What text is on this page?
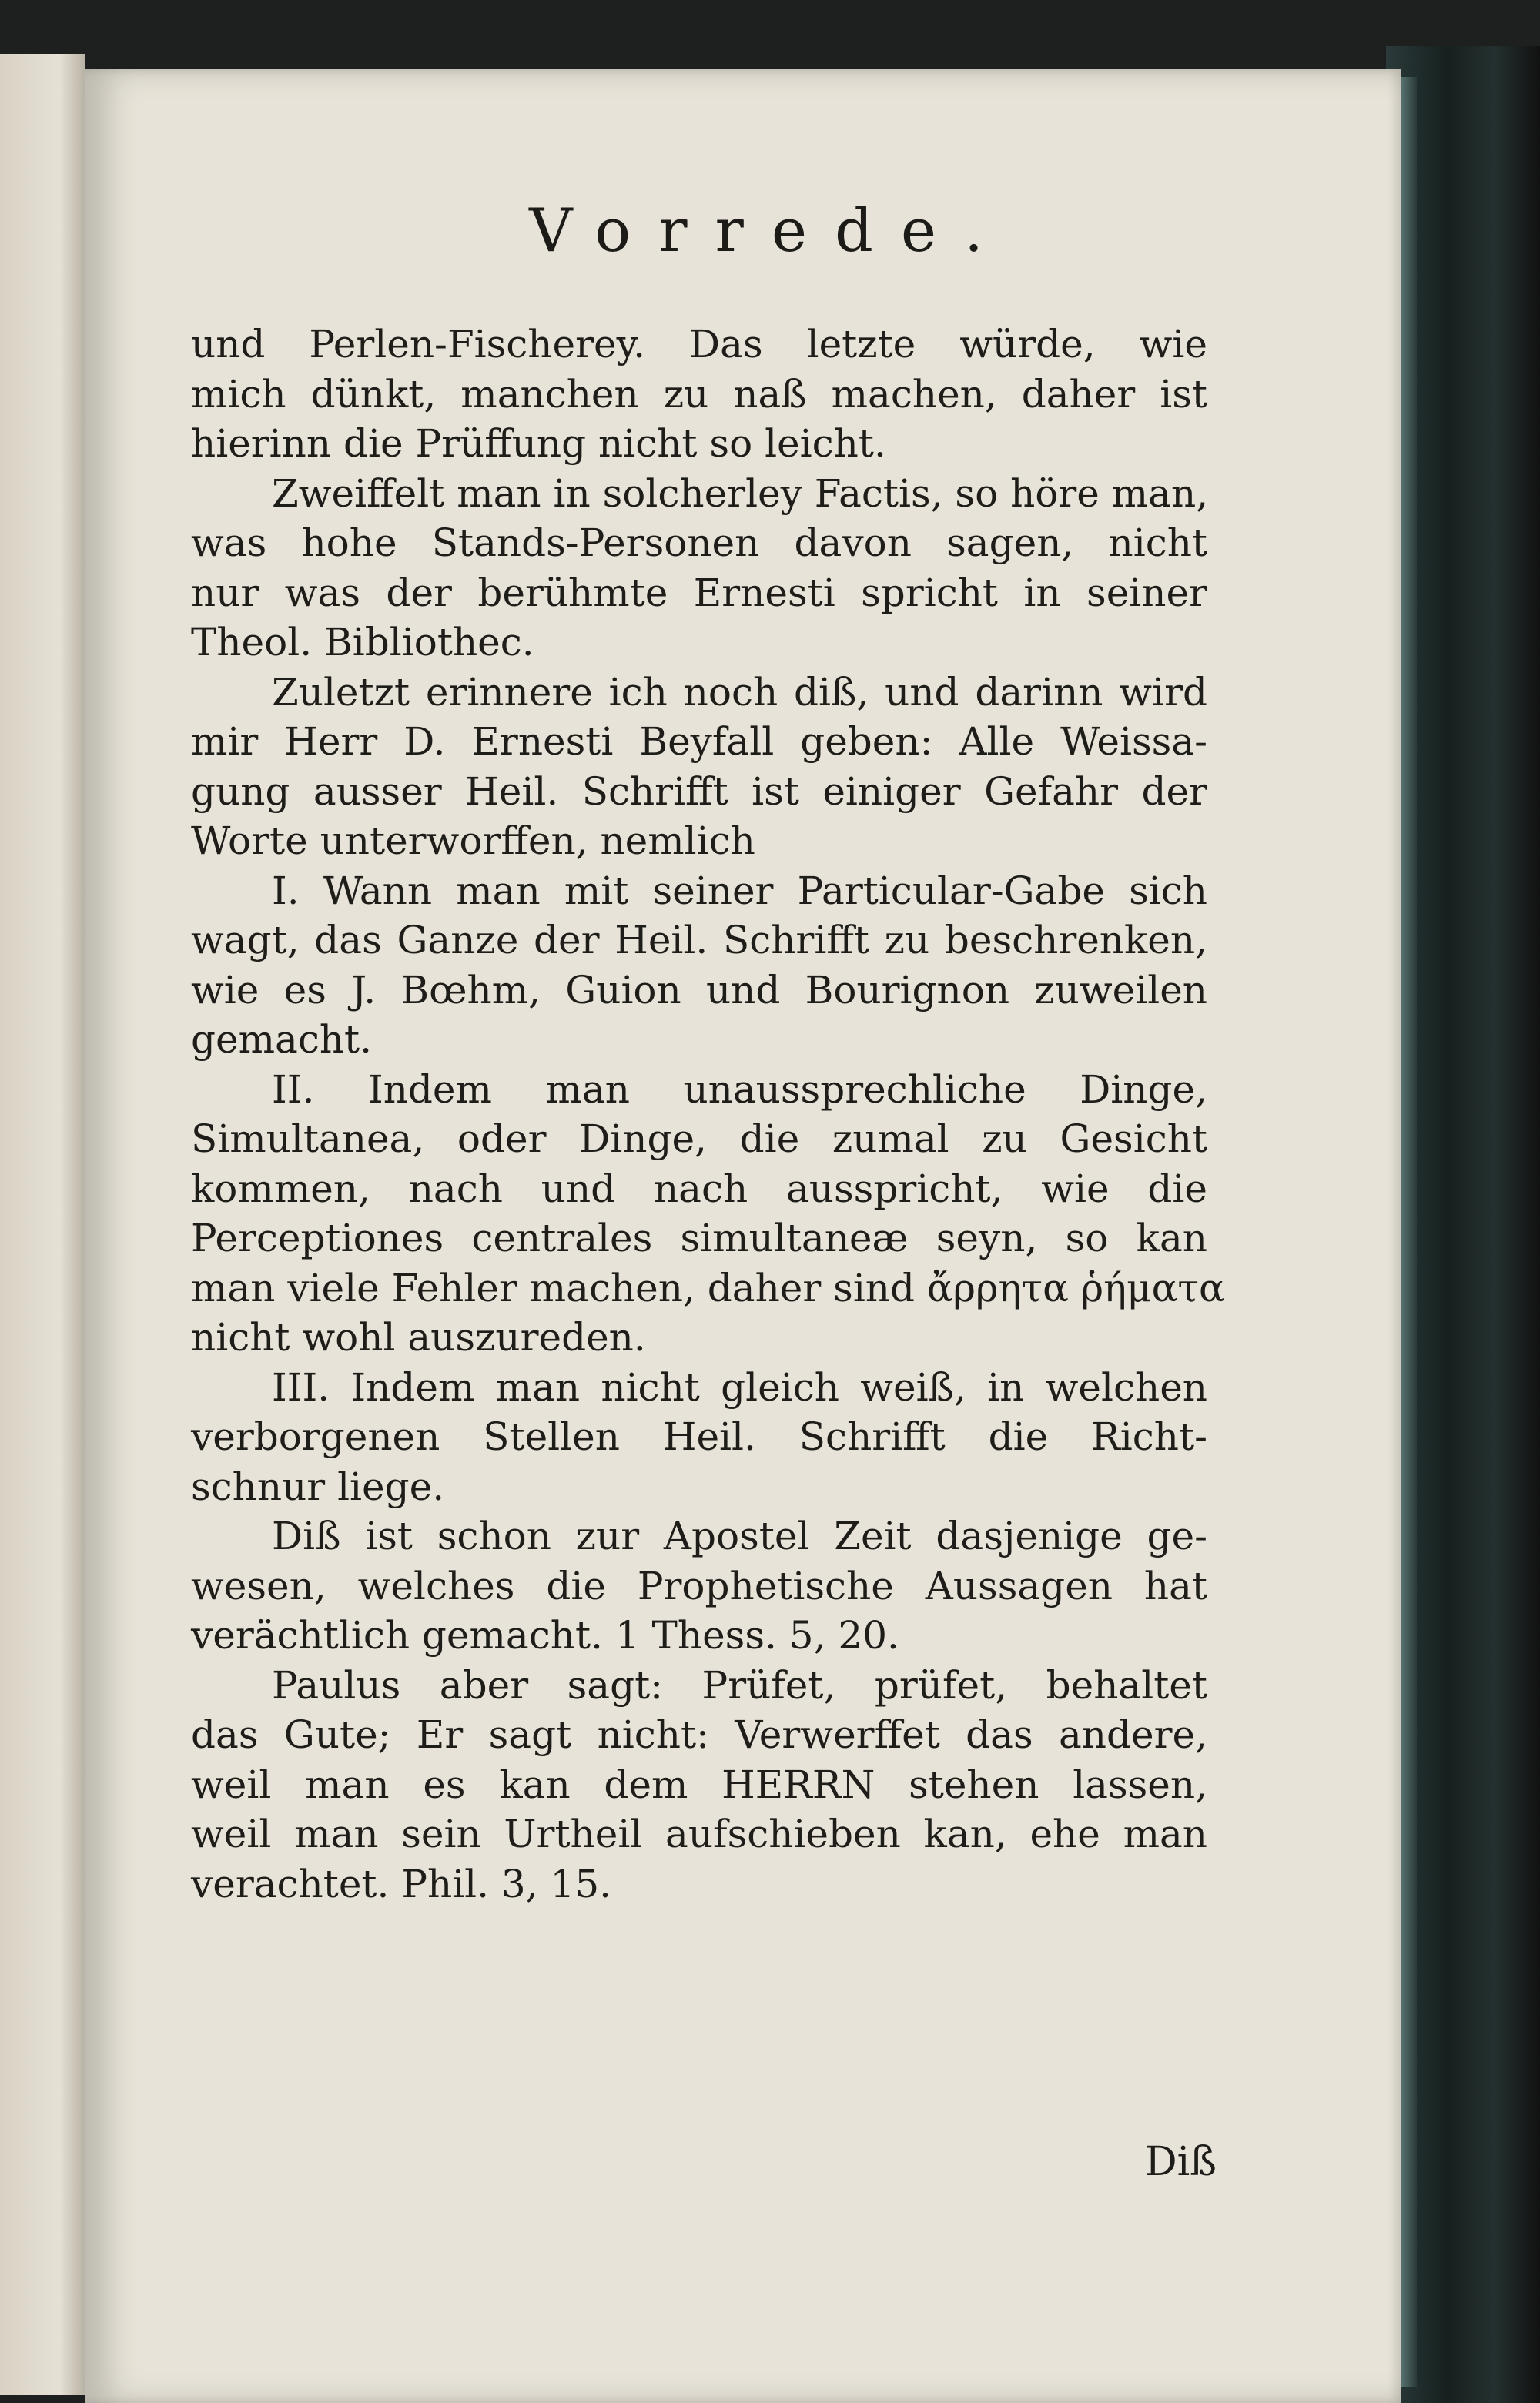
Vorrede.
und Perlen-Fischerey. Das letzte würde, wie
mich dünkt, manchen zu naß machen, daher ist
hierinn die Prüffung nicht so leicht.
Zweiffelt man in solcherley Factis, so höre man,
was hohe Stands-Personen davon sagen, nicht
nur was der berühmte Ernesti spricht in seiner
Theol. Bibliothec.
Zuletzt erinnere ich noch diß, und darinn wird
mir Herr D. Ernesti Beyfall geben: Alle Weissa-
gung ausser Heil. Schrifft ist einiger Gefahr der
Worte unterworffen, nemlich
I. Wann man mit seiner Particular-Gabe sich
wagt, das Ganze der Heil. Schrifft zu beschrenken,
wie es J. Bœhm, Guion und Bourignon zuweilen
gemacht.
II. Indem man unaussprechliche Dinge,
Simultanea, oder Dinge, die zumal zu Gesicht
kommen, nach und nach ausspricht, wie die
Perceptiones centrales simultaneæ seyn, so kan
man viele Fehler machen, daher sind ἄρρητα ῥήματα
nicht wohl auszureden.
III. Indem man nicht gleich weiß, in welchen
verborgenen Stellen Heil. Schrifft die Richt-
schnur liege.
Diß ist schon zur Apostel Zeit dasjenige ge-
wesen, welches die Prophetische Aussagen hat
verächtlich gemacht. 1 Thess. 5, 20.
Paulus aber sagt: Prüfet, prüfet, behaltet
das Gute; Er sagt nicht: Verwerffet das andere,
weil man es kan dem HERRN stehen lassen,
weil man sein Urtheil aufschieben kan, ehe man
verachtet. Phil. 3, 15.
Diß
